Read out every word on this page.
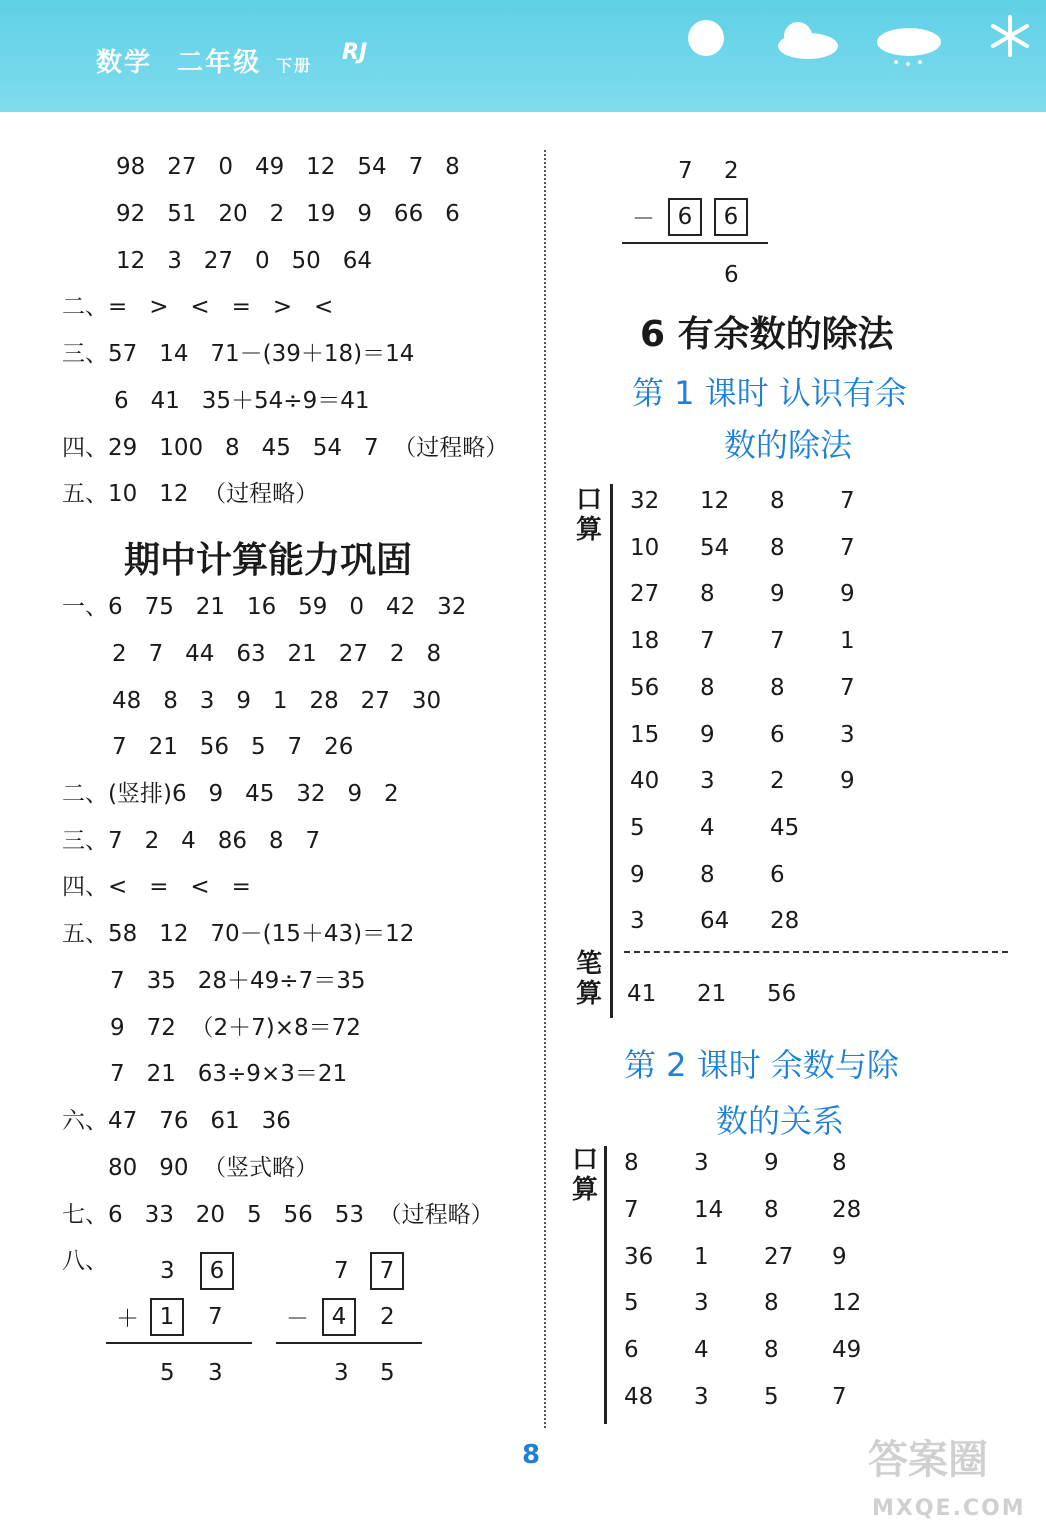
数学 二年级 下册
RJ
98   27   0   49   12   54   7   8
92   51   20   2   19   9   66   6
12   3   27   0   50   64
二、=   >   <   =   >   <
三、57   14   71－(39＋18)＝14
6   41   35＋54÷9＝41
四、29   100   8   45   54   7  （过程略）
五、10   12  （过程略）
期中计算能力巩固
一、6   75   21   16   59   0   42   32
2   7   44   63   21   27   2   8
48   8   3   9   1   28   27   30
7   21   56   5   7   26
二、(竖排)6   9   45   32   9   2
三、7   2   4   86   8   7
四、<   =   <   =
五、58   12   70－(15＋43)＝12
7   35   28＋49÷7＝35
9   72  （2＋7)×8＝72
7   21   63÷9×3＝21
六、47   76   61   36
80   90  （竖式略）
七、6   33   20   5   56   53  （过程略）
八、 3	6
＋ 1	7
5 3
7	7
－ 4	2
3 5
7 2
－ 6	6
6
6 有余数的除法
第 1 课时 认识有余
数的除法
口
算
笔
算
32 12 8 7
10 54 8 7
27 8 9 9
18 7 7 1
56 8 8 7
15 9 6 3
40 3 2 9
5 4 45
9 8 6
3 64 28
41 21 56
第 2 课时 余数与除
数的关系
口
算
8 3 9 8
7 14 8 28
36 1 27 9
5 3 8 12
6 4 8 49
48 3 5 7
8	答案圈
MXQE.COM
